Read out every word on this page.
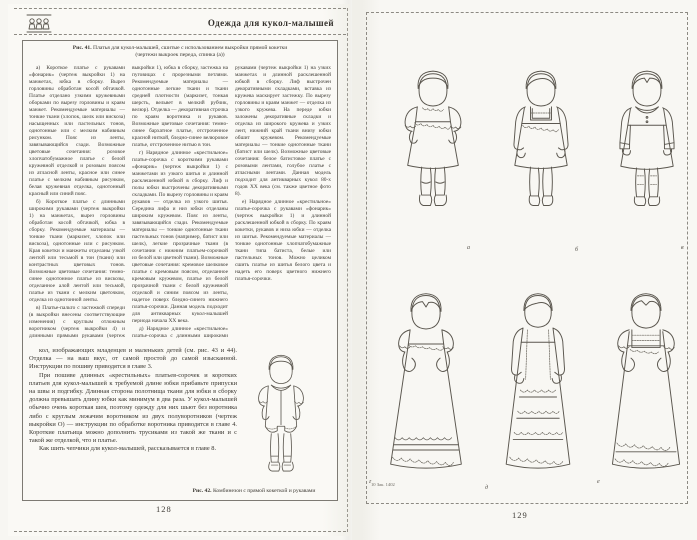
Одежда для кукол-малышей
Рис. 41. Платья для кукол-малышей, сшитые с использованием выкройки прямой кокетки
(чертежи выкроек переда, спинка (а))

а) Короткое платье с рукавами «фонарик» (чертеж выкройки 1) на манжетах, юбка в сборку. Вырез горловины обработан косой обтачкой. Платье отделано узкими кружевными оборками по вырезу горловины и краям манжет. Рекомендуемые материалы — тонкие ткани (хлопок, шелк или вискоза) насыщенных или пастельных тонов, однотонные или с мелким набивным рисунком. Пояс из ленты, завязывающийся сзади. Возможные цветовые сочетания: розовое хлопчатобумажное платье с белой кружевной отделкой и розовым поясом из атласной ленты, красное или синее платье с мелким набивным рисунком, белая кружевная отделка, однотонный красный или синий пояс.

б) Короткое платье с длинными широкими рукавами (чертеж выкройки 1) на манжетах, вырез горловины обработан косой обтачкой, юбка в сборку. Рекомендуемые материалы — тонкие ткани (маркизет, хлопок или вискоза), однотонные или с рисунком. Края кокетки и манжеты отделаны узкой лентой или тесьмой в тон (ткани) или контрастных цветовых тонов. Возможные цветовые сочетания: темно-синее однотонное платье из вискозы, отделанное алой лентой или тесьмой, платье из ткани с мелким цветочком, отделка из однотонной ленты.

в) Платье-пальто с застежкой спереди (в выкройки внесены соответствующие изменения) с круглым отложным воротником (чертеж выкройки 4) и длинными прямыми рукавами (чертеж выкройки 1), юбка в сборку, застежка на пуговицах с прорезными петлями. Рекомендуемые материалы — однотонные легкие ткани и ткани средней плотности (маркизет, тонкая шерсть, вельвет в мелкий рубчик, велюр). Отделка — декоративная строчка по краям воротника и рукавов. Возможные цветовые сочетания: темно-синее бархатное платье, отстроченное красной ниткой, бледно-синее велюровое платье, отстроченное нитью в тон.

г) Нарядное длинное «крестильное» платье-сорочка с короткими рукавами «фонарик» (чертеж выкройки 1) с манжетами из узкого шитья и длинной расклешенной юбкой в сборку. Лиф и полы юбки выстрочены декоративными складками. По вырезу горловины и краям рукавов — отделка из узкого шитья. Середина лифа и низ юбки отделаны широким кружевом. Пояс из ленты, завязывающийся сзади. Рекомендуемые материалы — тонкие однотонные ткани пастельных тонов (например, батист или шелк), легкие прозрачные ткани (в сочетании с нижним платьем-сорочкой из белой или цветной ткани). Возможные цветовые сочетания: кремовое шелковое платье с кремовым поясом, отделанное кремовым кружевом, платье из белой прозрачной ткани с белой кружевной отделкой и синим поясом из ленты, надетое поверх бледно-синего нижнего платья-сорочки. Данная модель подходит для антикварных кукол-малышей периода начала XX века.

д) Нарядное длинное «крестильное» платье-сорочка с длинными широкими рукавами (чертеж выкройки 1) на узких манжетах и длинной расклешенной юбкой в сборку. Лиф выстрочен декоративными складками, вставка из кружева маскирует застежку. По вырезу горловины и краям манжет — отделка из узкого кружева. На переде юбки заложены декоративные складки и отделка из широкого кружева и узких лент, нижний край ткани внизу юбки обшит кружевом. Рекомендуемые материалы — тонкие однотонные ткани (батист или шелк). Возможные цветовые сочетания: белое батистовое платье с розовыми лентами, голубое платье с атласными лентами. Данная модель подходит для антикварных кукол 80-х годов XX века (см. также цветное фото 8).

е) Нарядное длинное «крестильное» платье-сорочка с рукавами «фонарик» (чертеж выкройки 1) и длинной расклешенной юбкой в сборку. По краям кокетки, рукавов и низа юбки — отделка из шитья. Рекомендуемые материалы — тонкие однотонные хлопчатобумажные ткани типа батиста, белые или пастельных тонов. Можно целиком сшить платье из шитья белого цвета и надеть его поверх цветного нижнего платья-сорочки.

кол, изображающих младенцев и маленьких детей (см. рис. 43 и 44). Отделка — на ваш вкус, от самой простой до самой изысканной. Инструкции по пошиву приводятся в главе 3.

При пошиве длинных «крестильных» платьев-сорочек и коротких платьев для кукол-малышей к требуемой длине юбки прибавьте припуски на швы и подгибку. Длинная сторона полотнища ткани для юбки в сборку должна превышать длину юбки как минимум в два раза. У кукол-малышей обычно очень короткая шея, поэтому одежду для них шьют без воротника либо с круглым лежачим воротником из двух полуворотников (чертеж выкройки О) — инструкции по обработке воротника приводятся в главе 4. Короткие платьица можно дополнить трусиками из такой же ткани и с такой же отделкой, что и платье.

Как шить чепчики для кукол-малышей, рассказывается в главе 8.

Рис. 42. Комбинезон с прямой кокеткой и рукавами
128
а	б	в
г
д
е
10 Зак. 1402
129
